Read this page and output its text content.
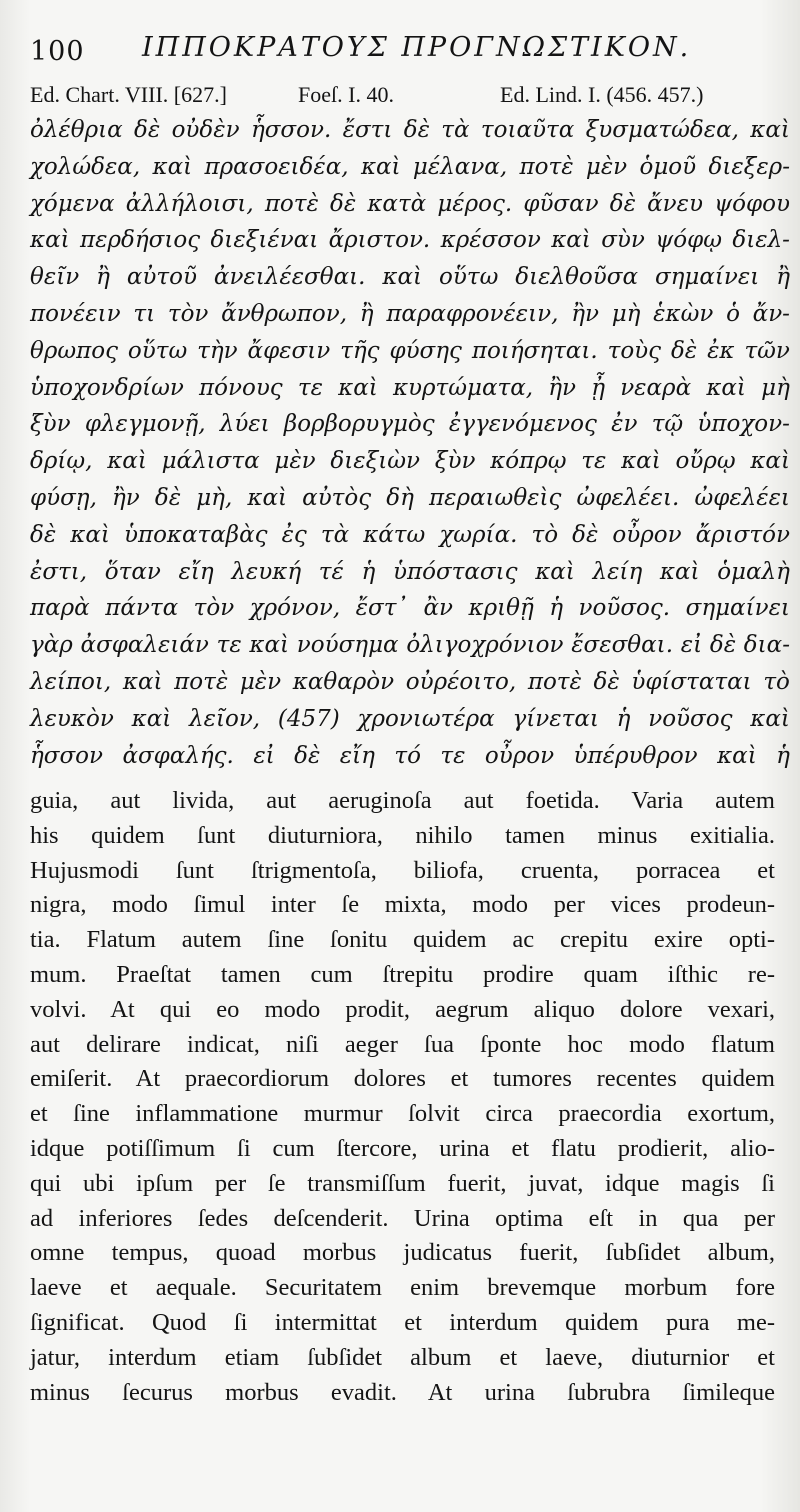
100 ΙΠΠΟΚΡΑΤΟΥΣ ΠΡΟΓΝΩΣΤΙΚΟΝ.
Ed. Chart. VIII. [627.]	Foeſ. I. 40.	Ed. Lind. I. (456. 457.)
ὀλέθρια δὲ οὐδὲν ἧσσον. ἔστι δὲ τὰ τοιαῦτα ξυσματώδεα, καὶ
χολώδεα, καὶ πρασοειδέα, καὶ μέλανα, ποτὲ μὲν ὁμοῦ διεξερ-
χόμενα ἀλλήλοισι, ποτὲ δὲ κατὰ μέρος. φῦσαν δὲ ἄνευ ψόφου
καὶ περδήσιος διεξιέναι ἄριστον. κρέσσον καὶ σὺν ψόφῳ διελ-
θεῖν ἢ αὐτοῦ ἀνειλέεσθαι. καὶ οὕτω διελθοῦσα σημαίνει ἢ
πονέειν τι τὸν ἄνθρωπον, ἢ παραφρονέειν, ἢν μὴ ἑκὼν ὁ ἄν-
θρωπος οὕτω τὴν ἄφεσιν τῆς φύσης ποιήσηται. τοὺς δὲ ἐκ τῶν
ὑποχονδρίων πόνους τε καὶ κυρτώματα, ἢν ᾖ νεαρὰ καὶ μὴ
ξὺν φλεγμονῇ, λύει βορβορυγμὸς ἐγγενόμενος ἐν τῷ ὑποχον-
δρίῳ, καὶ μάλιστα μὲν διεξιὼν ξὺν κόπρῳ τε καὶ οὔρῳ καὶ
φύσῃ, ἢν δὲ μὴ, καὶ αὐτὸς δὴ περαιωθεὶς ὠφελέει. ὠφελέει
δὲ καὶ ὑποκαταβὰς ἐς τὰ κάτω χωρία. τὸ δὲ οὖρον ἄριστόν
ἐστι, ὅταν εἴη λευκή τέ ἡ ὑπόστασις καὶ λείη καὶ ὁμαλὴ
παρὰ πάντα τὸν χρόνον, ἔστ᾿ ἂν κριθῇ ἡ νοῦσος. σημαίνει
γὰρ ἀσφαλειάν τε καὶ νούσημα ὀλιγοχρόνιον ἔσεσθαι. εἰ δὲ δια-
λείποι, καὶ ποτὲ μὲν καθαρὸν οὐρέοιτο, ποτὲ δὲ ὑφίσταται τὸ
λευκὸν καὶ λεῖον, (457) χρονιωτέρα γίνεται ἡ νοῦσος καὶ
ἧσσον ἀσφαλής. εἰ δὲ εἴη τό τε οὖρον ὑπέρυθρον καὶ ἡ
guia, aut livida, aut aeruginoſa aut foetida. Varia autem
his quidem ſunt diuturniora, nihilo tamen minus exitialia.
Hujusmodi ſunt ſtrigmentoſa, biliofa, cruenta, porracea et
nigra, modo ſimul inter ſe mixta, modo per vices prodeun-
tia. Flatum autem ſine ſonitu quidem ac crepitu exire opti-
mum. Praeſtat tamen cum ſtrepitu prodire quam iſthic re-
volvi. At qui eo modo prodit, aegrum aliquo dolore vexari,
aut delirare indicat, niſi aeger ſua ſponte hoc modo flatum
emiſerit. At praecordiorum dolores et tumores recentes quidem
et ſine inflammatione murmur ſolvit circa praecordia exortum,
idque potiſſimum ſi cum ſtercore, urina et flatu prodierit, alio-
qui ubi ipſum per ſe transmiſſum fuerit, juvat, idque magis ſi
ad inferiores ſedes deſcenderit. Urina optima eſt in qua per
omne tempus, quoad morbus judicatus fuerit, ſubſidet album,
laeve et aequale. Securitatem enim brevemque morbum fore
ſignificat. Quod ſi intermittat et interdum quidem pura me-
jatur, interdum etiam ſubſidet album et laeve, diuturnior et
minus ſecurus morbus evadit. At urina ſubrubra ſimileque
